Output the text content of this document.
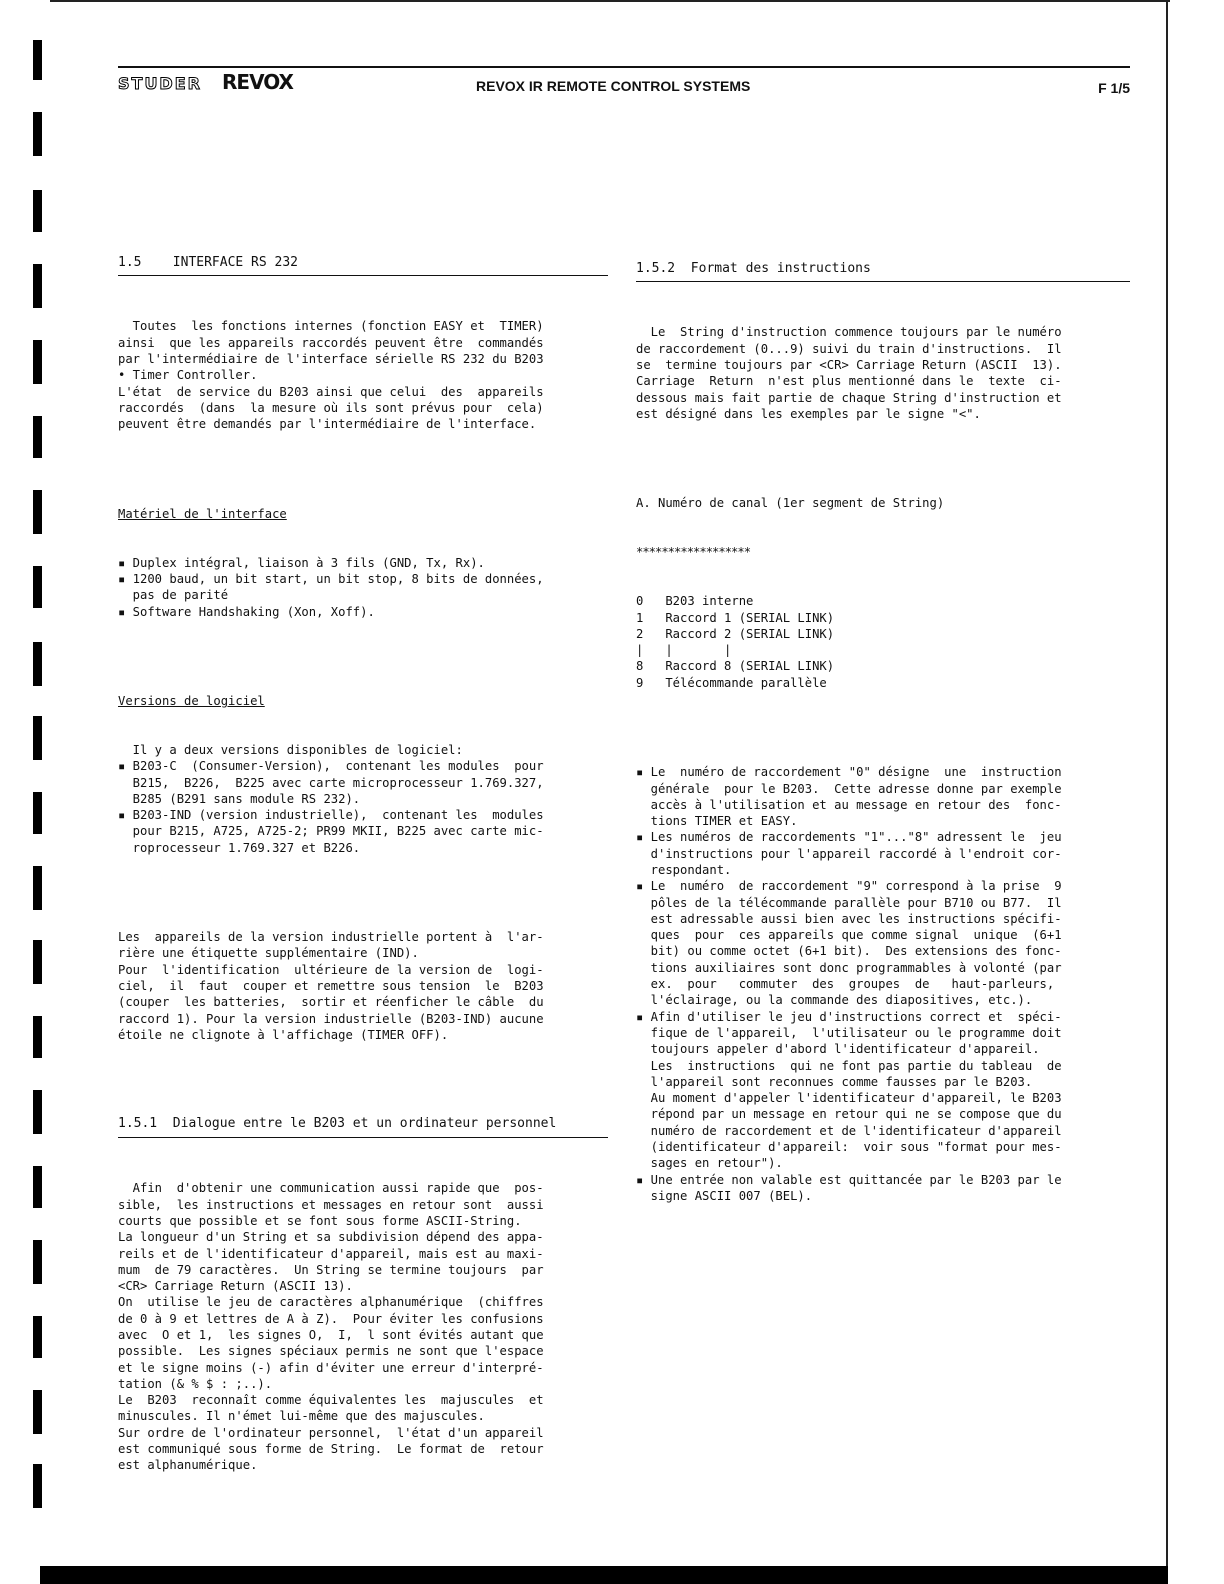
STUDER REVOX	REVOX IR REMOTE CONTROL SYSTEMS	F 1/5

1.5    INTERFACE RS 232

Toutes  les fonctions internes (fonction EASY et  TIMER)
ainsi  que les appareils raccordés peuvent être  commandés
par l'intermédiaire de l'interface sérielle RS 232 du B203
• Timer Controller.
L'état  de service du B203 ainsi que celui  des  appareils
raccordés  (dans  la mesure où ils sont prévus pour  cela)
peuvent être demandés par l'intermédiaire de l'interface.

Matériel de l'interface

▪ Duplex intégral, liaison à 3 fils (GND, Tx, Rx).
▪ 1200 baud, un bit start, un bit stop, 8 bits de données,
pas de parité
▪ Software Handshaking (Xon, Xoff).

Versions de logiciel

Il y a deux versions disponibles de logiciel:
▪ B203-C  (Consumer-Version),  contenant les modules  pour
B215,  B226,  B225 avec carte microprocesseur 1.769.327,
B285 (B291 sans module RS 232).
▪ B203-IND (version industrielle),  contenant les  modules
pour B215, A725, A725-2; PR99 MKII, B225 avec carte mic-
roprocesseur 1.769.327 et B226.

Les  appareils de la version industrielle portent à  l'ar-
rière une étiquette supplémentaire (IND).
Pour  l'identification  ultérieure de la version de  logi-
ciel,  il  faut  couper et remettre sous tension  le  B203
(couper  les batteries,  sortir et réenficher le câble  du
raccord 1). Pour la version industrielle (B203-IND) aucune
étoile ne clignote à l'affichage (TIMER OFF).

1.5.1  Dialogue entre le B203 et un ordinateur personnel

Afin  d'obtenir une communication aussi rapide que  pos-
sible,  les instructions et messages en retour sont  aussi
courts que possible et se font sous forme ASCII-String.
La longueur d'un String et sa subdivision dépend des appa-
reils et de l'identificateur d'appareil, mais est au maxi-
mum  de 79 caractères.  Un String se termine toujours  par
<CR> Carriage Return (ASCII 13).
On  utilise le jeu de caractères alphanumérique  (chiffres
de 0 à 9 et lettres de A à Z).  Pour éviter les confusions
avec  O et 1,  les signes O,  I,  l sont évités autant que
possible.  Les signes spéciaux permis ne sont que l'espace
et le signe moins (-) afin d'éviter une erreur d'interpré-
tation (& % $ : ;..).
Le  B203  reconnaît comme équivalentes les  majuscules  et
minuscules. Il n'émet lui-même que des majuscules.
Sur ordre de l'ordinateur personnel,  l'état d'un appareil
est communiqué sous forme de String.  Le format de  retour
est alphanumérique.

1.5.2  Format des instructions

Le  String d'instruction commence toujours par le numéro
de raccordement (0...9) suivi du train d'instructions.  Il
se  termine toujours par <CR> Carriage Return (ASCII  13).
Carriage  Return  n'est plus mentionné dans le  texte  ci-
dessous mais fait partie de chaque String d'instruction et
est désigné dans les exemples par le signe "<".

A. Numéro de canal (1er segment de String)

******************

0   B203 interne
1   Raccord 1 (SERIAL LINK)
2   Raccord 2 (SERIAL LINK)
|   |       |
8   Raccord 8 (SERIAL LINK)
9   Télécommande parallèle

▪ Le  numéro de raccordement "0" désigne  une  instruction
générale  pour le B203.  Cette adresse donne par exemple
accès à l'utilisation et au message en retour des  fonc-
tions TIMER et EASY.
▪ Les numéros de raccordements "1"..."8" adressent le  jeu
d'instructions pour l'appareil raccordé à l'endroit cor-
respondant.
▪ Le  numéro  de raccordement "9" correspond à la prise  9
pôles de la télécommande parallèle pour B710 ou B77.  Il
est adressable aussi bien avec les instructions spécifi-
ques  pour  ces appareils que comme signal  unique  (6+1
bit) ou comme octet (6+1 bit).  Des extensions des fonc-
tions auxiliaires sont donc programmables à volonté (par
ex.  pour   commuter  des  groupes  de   haut-parleurs,
l'éclairage, ou la commande des diapositives, etc.).
▪ Afin d'utiliser le jeu d'instructions correct et  spéci-
fique de l'appareil,  l'utilisateur ou le programme doit
toujours appeler d'abord l'identificateur d'appareil.
Les  instructions  qui ne font pas partie du tableau  de
l'appareil sont reconnues comme fausses par le B203.
Au moment d'appeler l'identificateur d'appareil, le B203
répond par un message en retour qui ne se compose que du
numéro de raccordement et de l'identificateur d'appareil
(identificateur d'appareil:  voir sous "format pour mes-
sages en retour").
▪ Une entrée non valable est quittancée par le B203 par le
signe ASCII 007 (BEL).
